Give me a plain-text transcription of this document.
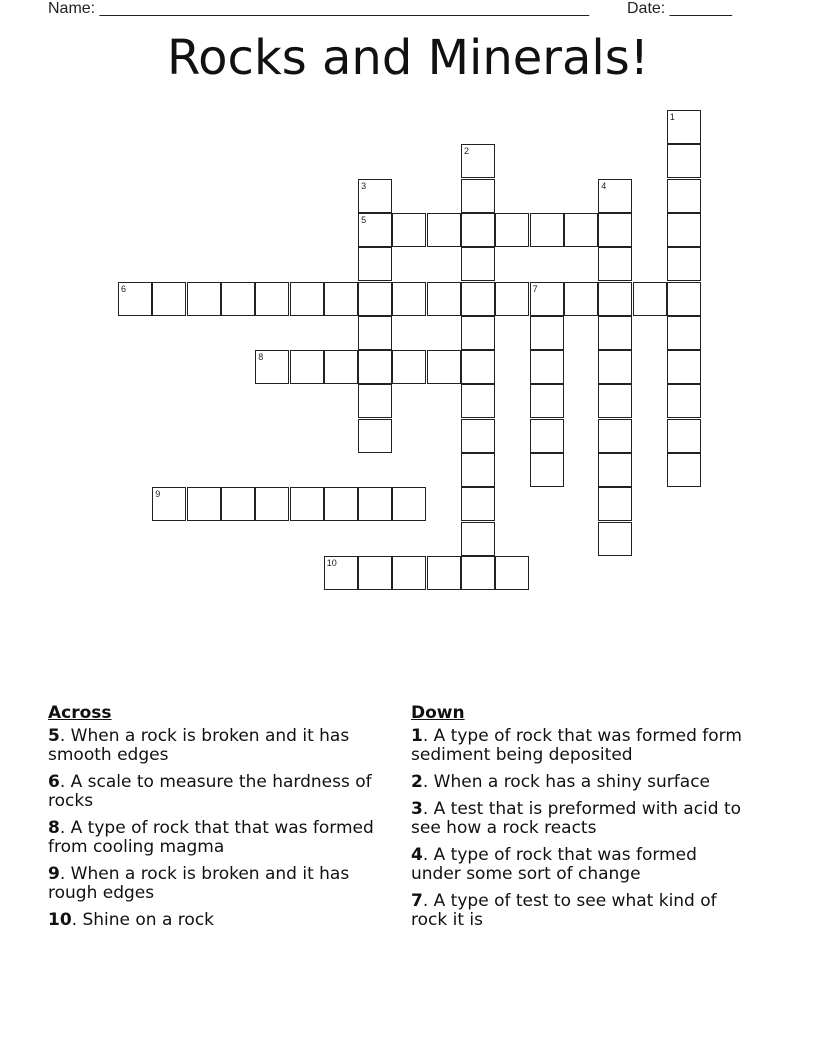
Name: _______________________________________________________ Date: _______
Rocks and Minerals!
1
2
3
5
4
6	7
8
9
10
Across
5. When a rock is broken and it has smooth edges
6. A scale to measure the hardness of rocks
8. A type of rock that that was formed from cooling magma
9. When a rock is broken and it has rough edges
10. Shine on a rock
Down
1. A type of rock that was formed form sediment being deposited
2. When a rock has a shiny surface
3. A test that is preformed with acid to see how a rock reacts
4. A type of rock that was formed under some sort of change
7. A type of test to see what kind of rock it is
